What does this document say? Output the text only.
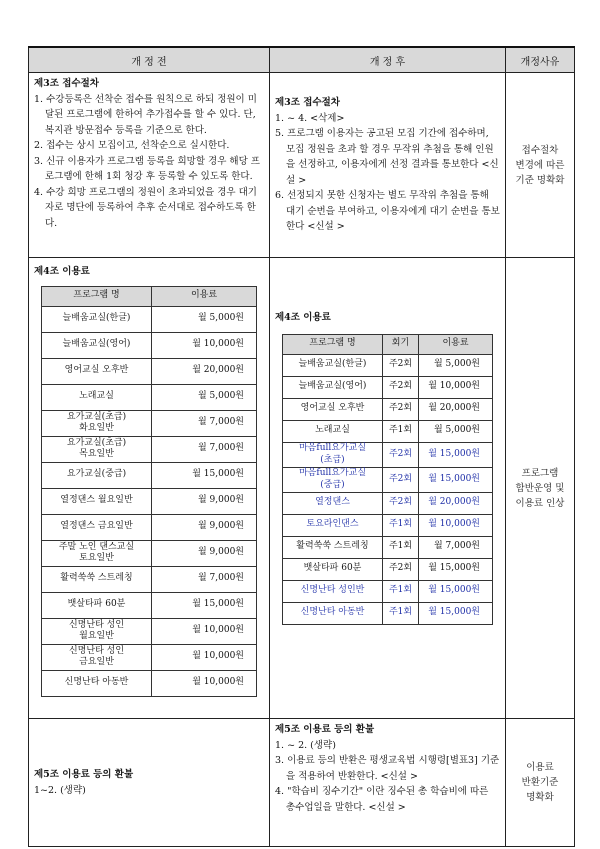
개 정 전	개 정 후	개정사유

제3조 접수절차
1. 수강등록은 선착순 접수를 원칙으로 하되 정원이 미달된 프로그램에 한하여 추가접수를 할 수 있다. 단, 복지관 방문접수 등록을 기준으로 한다.
2. 접수는 상시 모집이고, 선착순으로 실시한다.
3. 신규 이용자가 프로그램 등록을 희망할 경우 해당 프로그램에 한해 1회 청강 후 등록할 수 있도록 한다.
4. 수강 희망 프로그램의 정원이 초과되었을 경우 대기자로 명단에 등록하여 추후 순서대로 접수하도록 한다.

제3조 접수절차
1. ~ 4. <삭제>
5. 프로그램 이용자는 공고된 모집 기간에 접수하며, 모집 정원을 초과 할 경우 무작위 추첨을 통해 인원을 선정하고, 이용자에게 선정 결과를 통보한다 <신설 >
6. 선정되지 못한 신청자는 별도 무작위 추첨을 통해 대기 순번을 부여하고, 이용자에게 대기 순번을 통보한다 <신설 >

접수절차
변경에 따른
기준 명확화

제4조 이용료
프로그램 명	이용료
늘배움교실(한글)	월 5,000원
늘배움교실(영어)	월 10,000원
영어교실 오후반	월 20,000원
노래교실	월 5,000원
요가교실(초급)
화요일반	월 7,000원
요가교실(초급)
목요일반	월 7,000원
요가교실(중급)	월 15,000원
열정댄스 월요일반	월 9,000원
열정댄스 금요일반	월 9,000원
주말 노인 댄스교실
토요일반	월 9,000원
활력쑥쑥 스트레칭	월 7,000원
뱃살타파 60분	월 15,000원
신명난타 성인
월요일반	월 10,000원
신명난타 성인
금요일반	월 10,000원
신명난타 아동반	월 10,000원

제4조 이용료
프로그램 명	회기	이용료
늘배움교실(한글)	주2회	월 5,000원
늘배움교실(영어)	주2회	월 10,000원
영어교실 오후반	주2회	월 20,000원
노래교실	주1회	월 5,000원
마음full요가교실
(초급)	주2회	월 15,000원
마음full요가교실
(중급)	주2회	월 15,000원
열정댄스	주2회	월 20,000원
토요라인댄스	주1회	월 10,000원
활력쑥쑥 스트레칭	주1회	월 7,000원
뱃살타파 60분	주2회	월 15,000원
신명난타 성인반	주1회	월 15,000원
신명난타 아동반	주1회	월 15,000원

프로그램
합반운영 및
이용료 인상

제5조 이용료 등의 환불
1~2. (생략)

제5조 이용료 등의 환불
1. ~ 2. (생략)
3. 이용료 등의 반환은 평생교육법 시행령[별표3] 기준을 적용하여 반환한다. <신설 >
4. "학습비 징수기간" 이란 징수된 총 학습비에 따른 총수업일을 말한다. <신설 >

이용료
반환기준
명확화
